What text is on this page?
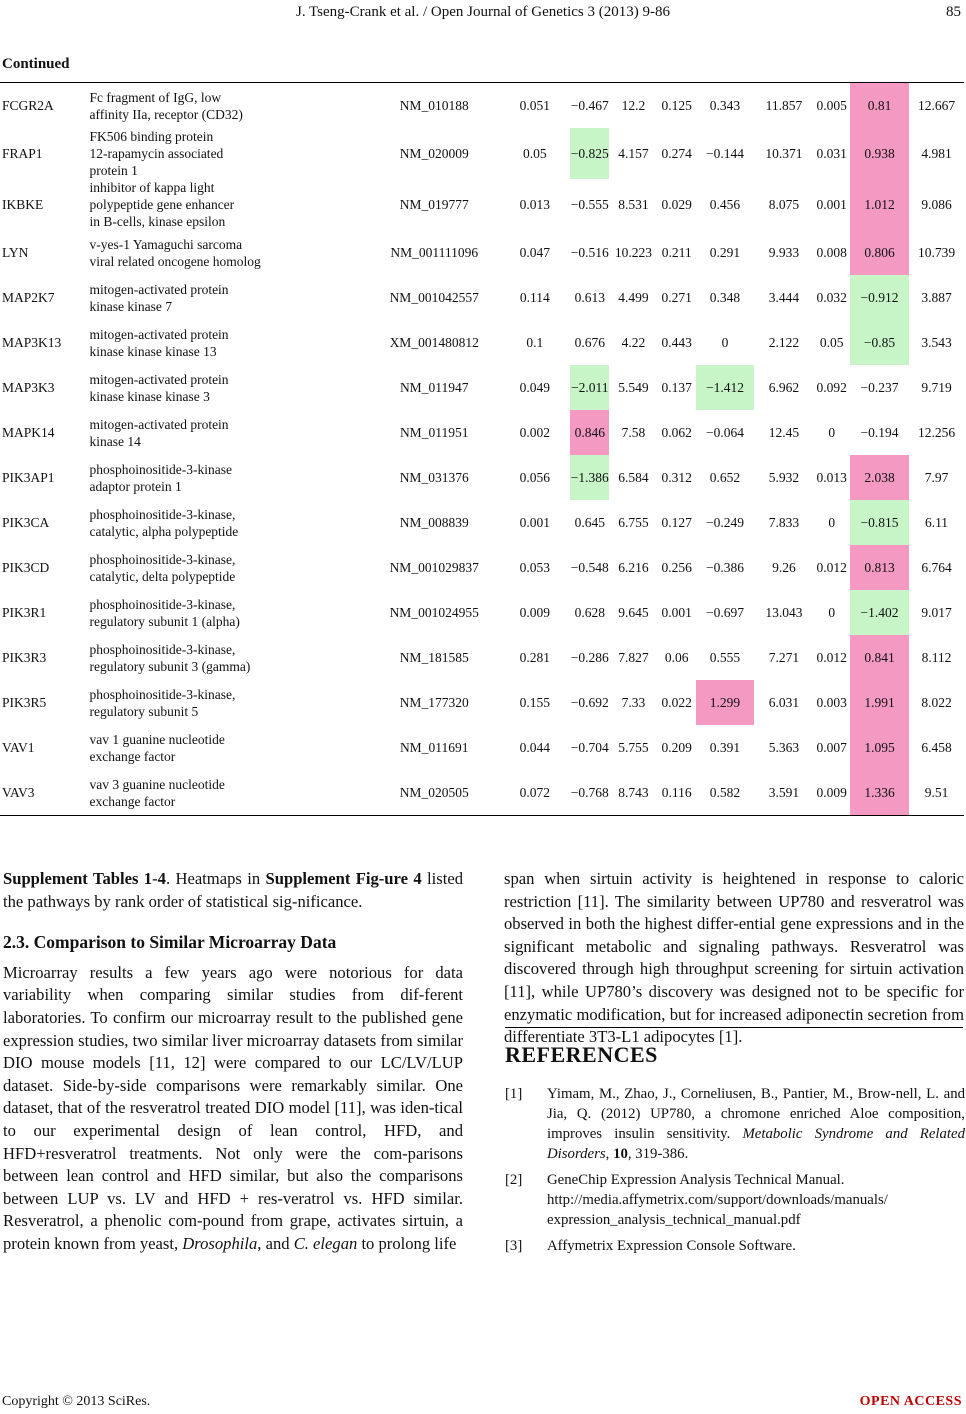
J. Tseng-Crank et al. / Open Journal of Genetics 3 (2013) 9-86	85
Continued
FCGR2A	Fc fragment of IgG, low
affinity IIa, receptor (CD32)	NM_010188	0.051	−0.467	12.2	0.125	0.343	11.857	0.005	0.81	12.667
FRAP1	FK506 binding protein
12-rapamycin associated
protein 1	NM_020009	0.05	−0.825	4.157	0.274	−0.144	10.371	0.031	0.938	4.981
IKBKE	inhibitor of kappa light
polypeptide gene enhancer
in B-cells, kinase epsilon	NM_019777	0.013	−0.555	8.531	0.029	0.456	8.075	0.001	1.012	9.086
LYN	v-yes-1 Yamaguchi sarcoma
viral related oncogene homolog	NM_001111096	0.047	−0.516	10.223	0.211	0.291	9.933	0.008	0.806	10.739
MAP2K7	mitogen-activated protein
kinase kinase 7	NM_001042557	0.114	0.613	4.499	0.271	0.348	3.444	0.032	−0.912	3.887
MAP3K13	mitogen-activated protein
kinase kinase kinase 13	XM_001480812	0.1	0.676	4.22	0.443	0	2.122	0.05	−0.85	3.543
MAP3K3	mitogen-activated protein
kinase kinase kinase 3	NM_011947	0.049	−2.011	5.549	0.137	−1.412	6.962	0.092	−0.237	9.719
MAPK14	mitogen-activated protein
kinase 14	NM_011951	0.002	0.846	7.58	0.062	−0.064	12.45	0	−0.194	12.256
PIK3AP1	phosphoinositide-3-kinase
adaptor protein 1	NM_031376	0.056	−1.386	6.584	0.312	0.652	5.932	0.013	2.038	7.97
PIK3CA	phosphoinositide-3-kinase,
catalytic, alpha polypeptide	NM_008839	0.001	0.645	6.755	0.127	−0.249	7.833	0	−0.815	6.11
PIK3CD	phosphoinositide-3-kinase,
catalytic, delta polypeptide	NM_001029837	0.053	−0.548	6.216	0.256	−0.386	9.26	0.012	0.813	6.764
PIK3R1	phosphoinositide-3-kinase,
regulatory subunit 1 (alpha)	NM_001024955	0.009	0.628	9.645	0.001	−0.697	13.043	0	−1.402	9.017
PIK3R3	phosphoinositide-3-kinase,
regulatory subunit 3 (gamma)	NM_181585	0.281	−0.286	7.827	0.06	0.555	7.271	0.012	0.841	8.112
PIK3R5	phosphoinositide-3-kinase,
regulatory subunit 5	NM_177320	0.155	−0.692	7.33	0.022	1.299	6.031	0.003	1.991	8.022
VAV1	vav 1 guanine nucleotide
exchange factor	NM_011691	0.044	−0.704	5.755	0.209	0.391	5.363	0.007	1.095	6.458
VAV3	vav 3 guanine nucleotide
exchange factor	NM_020505	0.072	−0.768	8.743	0.116	0.582	3.591	0.009	1.336	9.51

Supplement Tables 1-4. Heatmaps in Supplement Fig-ure 4 listed the pathways by rank order of statistical sig-nificance.

2.3. Comparison to Similar Microarray Data

Microarray results a few years ago were notorious for data variability when comparing similar studies from dif-ferent laboratories. To confirm our microarray result to the published gene expression studies, two similar liver microarray datasets from similar DIO mouse models [11, 12] were compared to our LC/LV/LUP dataset. Side-by-side comparisons were remarkably similar. One dataset, that of the resveratrol treated DIO model [11], was iden-tical to our experimental design of lean control, HFD, and HFD+resveratrol treatments. Not only were the com-parisons between lean control and HFD similar, but also the comparisons between LUP vs. LV and HFD + res-veratrol vs. HFD similar. Resveratrol, a phenolic com-pound from grape, activates sirtuin, a protein known from yeast, Drosophila, and C. elegan to prolong life

span when sirtuin activity is heightened in response to caloric restriction [11]. The similarity between UP780 and resveratrol was observed in both the highest differ-ential gene expressions and in the significant metabolic and signaling pathways. Resveratrol was discovered through high throughput screening for sirtuin activation [11], while UP780’s discovery was designed not to be specific for enzymatic modification, but for increased adiponectin secretion from differentiate 3T3-L1 adipocytes [1].

REFERENCES
[1]	Yimam, M., Zhao, J., Corneliusen, B., Pantier, M., Brow-nell, L. and Jia, Q. (2012) UP780, a chromone enriched Aloe composition, improves insulin sensitivity. Metabolic Syndrome and Related Disorders, 10, 319-386.
[2]	GeneChip Expression Analysis Technical Manual.
http://media.affymetrix.com/support/downloads/manuals/
expression_analysis_technical_manual.pdf
[3]	Affymetrix Expression Console Software.
Copyright © 2013 SciRes.	OPEN ACCESS
